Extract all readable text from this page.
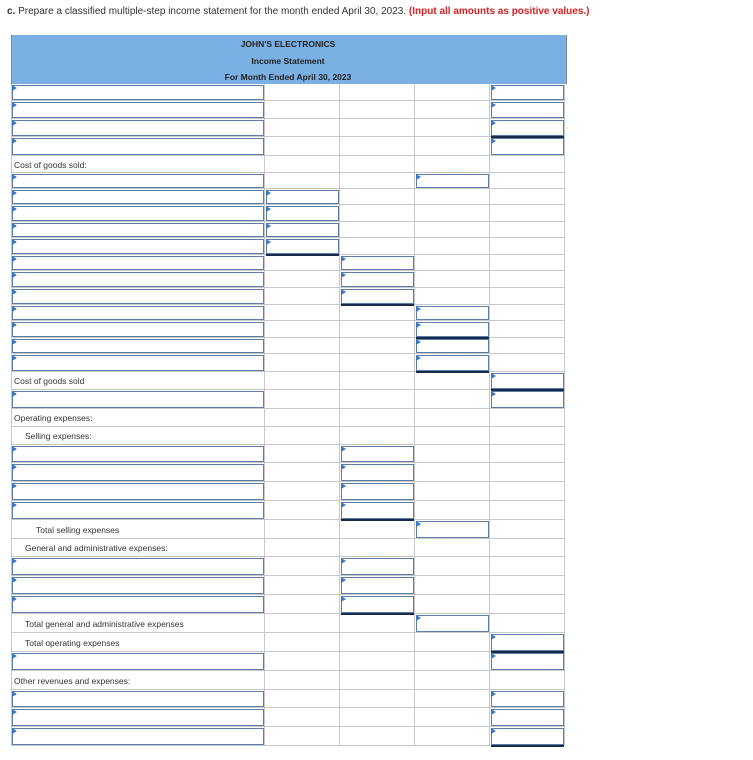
c. Prepare a classified multiple-step income statement for the month ended April 30, 2023. (Input all amounts as positive values.)
JOHN'S ELECTRONICS
Income Statement
For Month Ended April 30, 2023
Cost of goods sold:
Cost of goods sold
Operating expenses:
Selling expenses:
Total selling expenses
General and administrative expenses:
Total general and administrative expenses
Total operating expenses
Other revenues and expenses:
